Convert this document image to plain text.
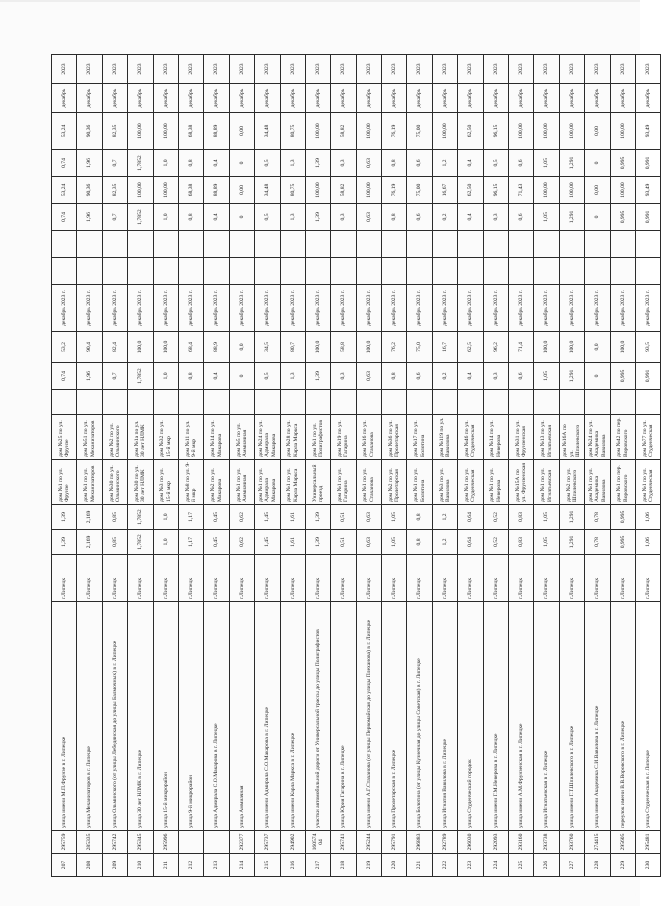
207	295759	улица имени М.П.Фрунзе в г. Липецке	г.Липецк	1,39	1,39	дом №1 по ул. Фрунзе	дом №25 по ул. Фрунзе		0,74	53,2	декабрь 2023 г.			0,74	53,24	0,74	53,24	декабрь	2023
208	285335	улица Механизаторов в г. Липецке	г.Липецк	2,169	2,169	дом №1 по ул. Механизаторов	дом №51 по ул. Механизаторов		1,96	90,4	декабрь 2023 г.			1,96	90,36	1,96	90,36	декабрь	2023
209	295742	улица Ольминского (от улицы Лебедянская до улицы Балмочных) в г. Липецке	г.Липецк	0,85	0,85	дом №30 по ул. Ольминского	дом №2 по ул. Ольминского		0,7	82,4	декабрь 2023 г.			0,7	82,35	0,7	82,35	декабрь	2023
210	295345	улица 30 лет НЛМК в г. Липецке	г.Липецк	1,7852	1,7852	дом №30 по ул. 30 лет НЛМК	дом №1а по ул. 30 лет НЛМК		1,7852	100,0	декабрь 2023 г.			1,7852	100,00	1,7852	100,00	декабрь	2023
211	295996	улица 15-й микрорайон	г.Липецк	1,0	1,0	дом №3 по ул. 15-й мкр	дом №32 по ул. 15-й мкр		1,0	100,0	декабрь 2023 г.			1,0	100,00	1,0	100,00	декабрь	2023
212		улица 9-й микрорайон	г.Липецк	1,17	1,17	дом №8 по ул. 9-й мкр	дом №11 по ул. 9-й мкр		0,8	68,4	декабрь 2023 г.			0,8	68,38	0,8	68,38	декабрь	2023
213		улица Адмирала С.О.Макарова в г. Липецке	г.Липецк	0,45	0,45	дом №2 по ул. Макарова	дом №14 по ул. Макарова		0,4	88,9	декабрь 2023 г.			0,4	88,89	0,4	88,89	декабрь	2023
214	292377	улица Аммиачная	г.Липецк	0,62	0,62	дом №1 по ул. Аммиачная	дом №5 по ул. Аммиачная		0	0,0	декабрь 2023 г.			0	0,00	0	0,00	декабрь	2023
215	295737	улица имени Адмирала С.О.Макарова в г. Липецке	г.Липецк	1,45	1,45	дом №1 по ул. Адмирала Макарова	дом №24 по ул. Адмирала Макарова		0,5	34,5	декабрь 2023 г.			0,5	34,48	0,5	34,48	декабрь	2023
216	294902	улица имени Карла Маркса в г. Липецке	г.Липецк	1,61	1,61	дом №1 по ул. Карла Маркса	дом №28 по ул. Карла Маркса		1,3	80,7	декабрь 2023 г.			1,3	80,75	1,3	80,75	декабрь	2023
217	16057404	участки автомобильной дороги от Универсальной трассы до улицы Полиграфистов	г.Липецк	1,39	1,39	Универсальный проезд	дом №1 по ул. Полиграфистов		1,39	100,0	декабрь 2023 г.			1,39	100,00	1,39	100,00	декабрь	2023
218	295741	улица Юрия Гагарина в г. Липецке	г.Липецк	0,51	0,51	дом №1 по ул. Гагарина	дом №19 по ул. Гагарина		0,3	58,8	декабрь 2023 г.			0,3	58,82	0,3	58,82	декабрь	2023
219	295244	улица имени А.Г.Стаханова (от улицы Первомайская до улицы Плеханова) в г. Липецке	г.Липецк	0,63	0,63	дом №1 по ул. Стаханова	дом №16 по ул. Стаханова		0,63	100,0	декабрь 2023 г.			0,63	100,00	0,63	100,00	декабрь	2023
220	295791	улица Пролетарская в г. Липецке	г.Липецк	1,05	1,05	дом №2 по ул. Пролетарская	дом №36 по ул. Пролетарская		0,8	76,2	декабрь 2023 г.			0,8	76,19	0,8	76,19	декабрь	2023
221	296883	улица Болотина (от улицы Кузнечная до улицы Советская) в г. Липецке	г.Липецк	0,8	0,8	дом №1 по ул. Болотина	дом №17 по ул. Болотина		0,6	75,0	декабрь 2023 г.			0,6	75,00	0,6	75,00	декабрь	2023
222	292789	улица Игнатия Вавилова в г. Липецке	г.Липецк	1,2	1,2	дом №3 по ул. Вавилова	дом №119 по ул. Вавилова		0,2	16,7	декабрь 2023 г.			0,2	16,67	1,2	100,00	декабрь	2023
223	296030	улица Студенческий городок	г.Липецк	0,64	0,64	дом №1 по ул. Студенческая	дом №46 по ул. Студенческая		0,4	62,5	декабрь 2023 г.			0,4	62,50	0,4	62,50	декабрь	2023
224	292093	улица имени Г.М.Неверова в г. Липецке	г.Липецк	0,52	0,52	дом №1 по ул. Неверова	дом №14 по ул. Неверова		0,3	96,2	декабрь 2023 г.			0,3	96,15	0,5	96,15	декабрь	2023
225	293160	улица имени А.М.Фрунзенская в г. Липецке	г.Липецк	0,83	0,83	дом №15А по ул. Фрунзенская	дом №31 по ул. Фрунзенская		0,6	71,4	декабрь 2023 г.			0,6	71,43	0,6	100,00	декабрь	2023
226	293738	улица Игнатьевская в г. Липецке	г.Липецк	1,05	1,05	дом №1 по ул. Игнатьевская	дом №13 по ул. Игнатьевская		1,05	100,0	декабрь 2023 г.			1,05	100,00	1,05	100,00	декабрь	2023
227	293760	улица имени Г.Т.Шпилевского в г. Липецке	г.Липецк	1,291	1,291	дом №2 по ул. Шпилевского	дом №16А по ул. Шпилевского		1,291	100,0	декабрь 2023 г.			1,291	100,00	1,291	100,00	декабрь	2023
228	274415	улица имени Академика С.И.Вавилова в г. Липецке	г.Липецк	0,78	0,78	дом №1 по ул. Академика Вавилова	дом №24 по ул. Академика Вавилова		0	0,0	декабрь 2023 г.			0	0,00	0	0,00	декабрь	2023
229	295605	переулок имени В.В.Воровского в г. Липецке	г.Липецк	0,995	0,995	дом №1 по пер. Воровского	дом №42 по пер. Воровского		0,995	100,0	декабрь 2023 г.			0,995	100,00	0,995	100,00	декабрь	2023
230	295481	улица Студенческая в г. Липецке	г.Липецк	1,06	1,06	дом №1 по ул. Студенческая	дом №77 по ул. Студенческая		0,991	93,5	декабрь 2023 г.			0,991	93,49	0,991	93,49	декабрь	2023
